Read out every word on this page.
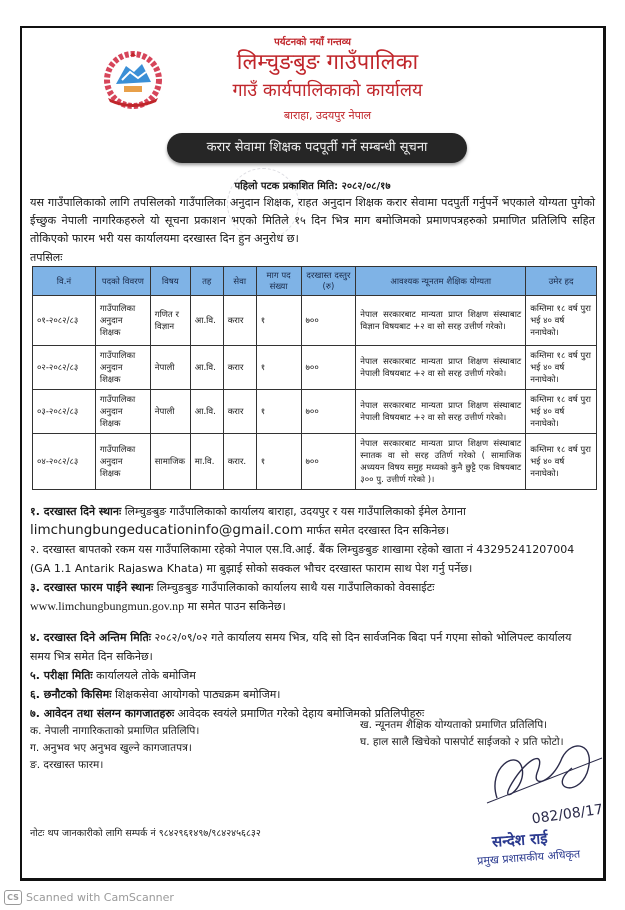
पर्यटनको नयाँ गन्तव्य
लिम्चुङबुङ गाउँपालिका
गाउँ कार्यपालिकाको कार्यालय
बाराहा, उदयपुर नेपाल
करार सेवामा शिक्षक पदपूर्ती गर्ने सम्बन्धी सूचना
पहिलो पटक प्रकाशित मिति: २०८२/०८/१७
यस गाउँपालिकाको लागि तपसिलको गाउँपालिका अनुदान शिक्षक, राहत अनुदान शिक्षक करार सेवामा पदपुर्ती गर्नुपर्ने भएकाले योग्यता पुगेको ईच्छुक नेपाली नागरिकहरुले यो सूचना प्रकाशन भएको मितिले १५ दिन भित्र माग बमोजिमको प्रमाणपत्रहरुको प्रमाणित प्रतिलिपि सहित तोकिएको फारम भरी यस कार्यालयमा दरखास्त दिन हुन अनुरोध छ।
तपसिलः
वि.नं	पदको विवरण	विषय	तह	सेवा	माग पद संख्या	दरखास्त दस्तुर (रु)	आवश्यक न्यूनतम शैक्षिक योग्यता	उमेर हद
०१-२०८२/८३	गाउँपालिका अनुदान शिक्षक	गणित र विज्ञान	आ.वि.	करार	१	७००	नेपाल सरकारबाट मान्यता प्राप्त शिक्षण संस्थाबाट विज्ञान विषयबाट +२ वा सो सरह उत्तीर्ण गरेको।	कम्तिमा १८ वर्ष पुरा भई ४० वर्ष ननाघेको।
०२-२०८२/८३	गाउँपालिका अनुदान शिक्षक	नेपाली	आ.वि.	करार	१	७००	नेपाल सरकारबाट मान्यता प्राप्त शिक्षण संस्थाबाट नेपाली विषयबाट +२ वा सो सरह उत्तीर्ण गरेको।	कम्तिमा १८ वर्ष पुरा भई ४० वर्ष ननाघेको।
०३-२०८२/८३	गाउँपालिका अनुदान शिक्षक	नेपाली	आ.वि.	करार	१	७००	नेपाल सरकारबाट मान्यता प्राप्त शिक्षण संस्थाबाट नेपाली विषयबाट +२ वा सो सरह उत्तीर्ण गरेको।	कम्तिमा १८ वर्ष पुरा भई ४० वर्ष ननाघेको।
०४-२०८२/८३	गाउँपालिका अनुदान शिक्षक	सामाजिक	मा.वि.	करार.	१	७००	नेपाल सरकारबाट मान्यता प्राप्त शिक्षण संस्थाबाट स्नातक वा सो सरह उतिर्ण गरेको ( सामाजिक अध्ययन विषय समुह मध्यको कुनै छुट्टै एक विषयबाट ३०० पु. उत्तीर्ण गरेको )।	कम्तिमा १८ वर्ष पुरा भई ४० वर्ष ननाघेको।

१. दरखास्त दिने स्थानः लिम्चुङबुङ गाउँपालिकाको कार्यालय बाराहा, उदयपुर र यस गाउँपालिकाको ईमेल ठेगाना
limchungbungeducationinfo@gmail.com मार्फत समेत दरखास्त दिन सकिनेछ।

२. दरखास्त बापतको रकम यस गाउँपालिकामा रहेको नेपाल एस.वि.आई. बैंक लिम्चुङबुङ शाखामा रहेको खाता नं 43295241207004 (GA 1.1 Antarik Rajaswa Khata) मा बुझाई सोको सक्कल भौचर दरखास्त फाराम साथ पेश गर्नु पर्नेछ।

३. दरखास्त फारम पाईने स्थानः लिम्चुङबुङ गाउँपालिकाको कार्यालय साथै यस गाउँपालिकाको वेवसाईटः
www.limchungbungmun.gov.np मा समेत पाउन सकिनेछ।

४. दरखास्त दिने अन्तिम मितिः २०८२/०९/०२ गते कार्यालय समय भित्र, यदि सो दिन सार्वजनिक बिदा पर्न गएमा सोको भोलिपल्ट कार्यालय समय भित्र समेत दिन सकिनेछ।

५. परीक्षा मितिः कार्यालयले तोके बमोजिम

६. छनौटको किसिमः शिक्षकसेवा आयोगको पाठ्यक्रम बमोजिम।

७. आवेदन तथा संलग्न कागजातहरुः आवेदक स्वयंले प्रमाणित गरेको देहाय बमोजिमको प्रतिलिपीहरुः

क. नेपाली नागारिकताको प्रमाणित प्रतिलिपि।
ग. अनुभव भए अनुभव खुल्ने कागजातपत्र।
ङ. दरखास्त फारम।
ख. न्यूनतम शैक्षिक योग्यताको प्रमाणित प्रतिलिपि।
घ. हाल सालै खिचेको पासपोर्ट साईजको २ प्रति फोटो।
082/08/17
सन्देश राई
प्रमुख प्रशासकीय अधिकृत
नोटः थप जानकारीको लागि सम्पर्क नं ९८४२९६१४९७/९८४२४५६८३२
CS Scanned with CamScanner
